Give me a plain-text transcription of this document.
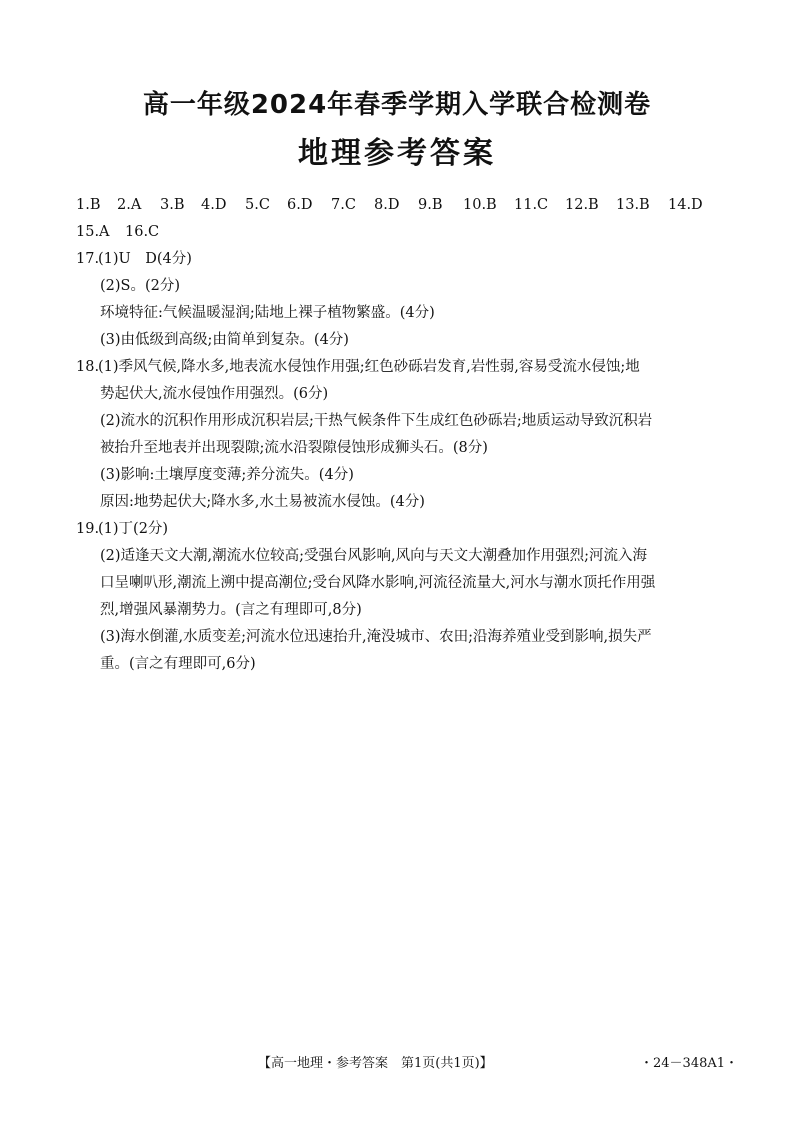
高一年级2024年春季学期入学联合检测卷
地理参考答案
1.B 2.A 3.B 4.D 5.C 6.D 7.C 8.D 9.B 10.B 11.C 12.B 13.B 14.D
15.A 16.C
17.
(1)U　D(4分)
(2)S。(2分)
环境特征:气候温暖湿润;陆地上裸子植物繁盛。(4分)
(3)由低级到高级;由简单到复杂。(4分)
18.
(1)季风气候,降水多,地表流水侵蚀作用强;红色砂砾岩发育,岩性弱,容易受流水侵蚀;地
势起伏大,流水侵蚀作用强烈。(6分)
(2)流水的沉积作用形成沉积岩层;干热气候条件下生成红色砂砾岩;地质运动导致沉积岩
被抬升至地表并出现裂隙;流水沿裂隙侵蚀形成狮头石。(8分)
(3)影响:土壤厚度变薄;养分流失。(4分)
原因:地势起伏大;降水多,水土易被流水侵蚀。(4分)
19.
(1)丁(2分)
(2)适逢天文大潮,潮流水位较高;受强台风影响,风向与天文大潮叠加作用强烈;河流入海
口呈喇叭形,潮流上溯中提高潮位;受台风降水影响,河流径流量大,河水与潮水顶托作用强
烈,增强风暴潮势力。(言之有理即可,8分)
(3)海水倒灌,水质变差;河流水位迅速抬升,淹没城市、农田;沿海养殖业受到影响,损失严
重。(言之有理即可,6分)
【高一地理・参考答案　第1页(共1页)】	・24－348A1・
